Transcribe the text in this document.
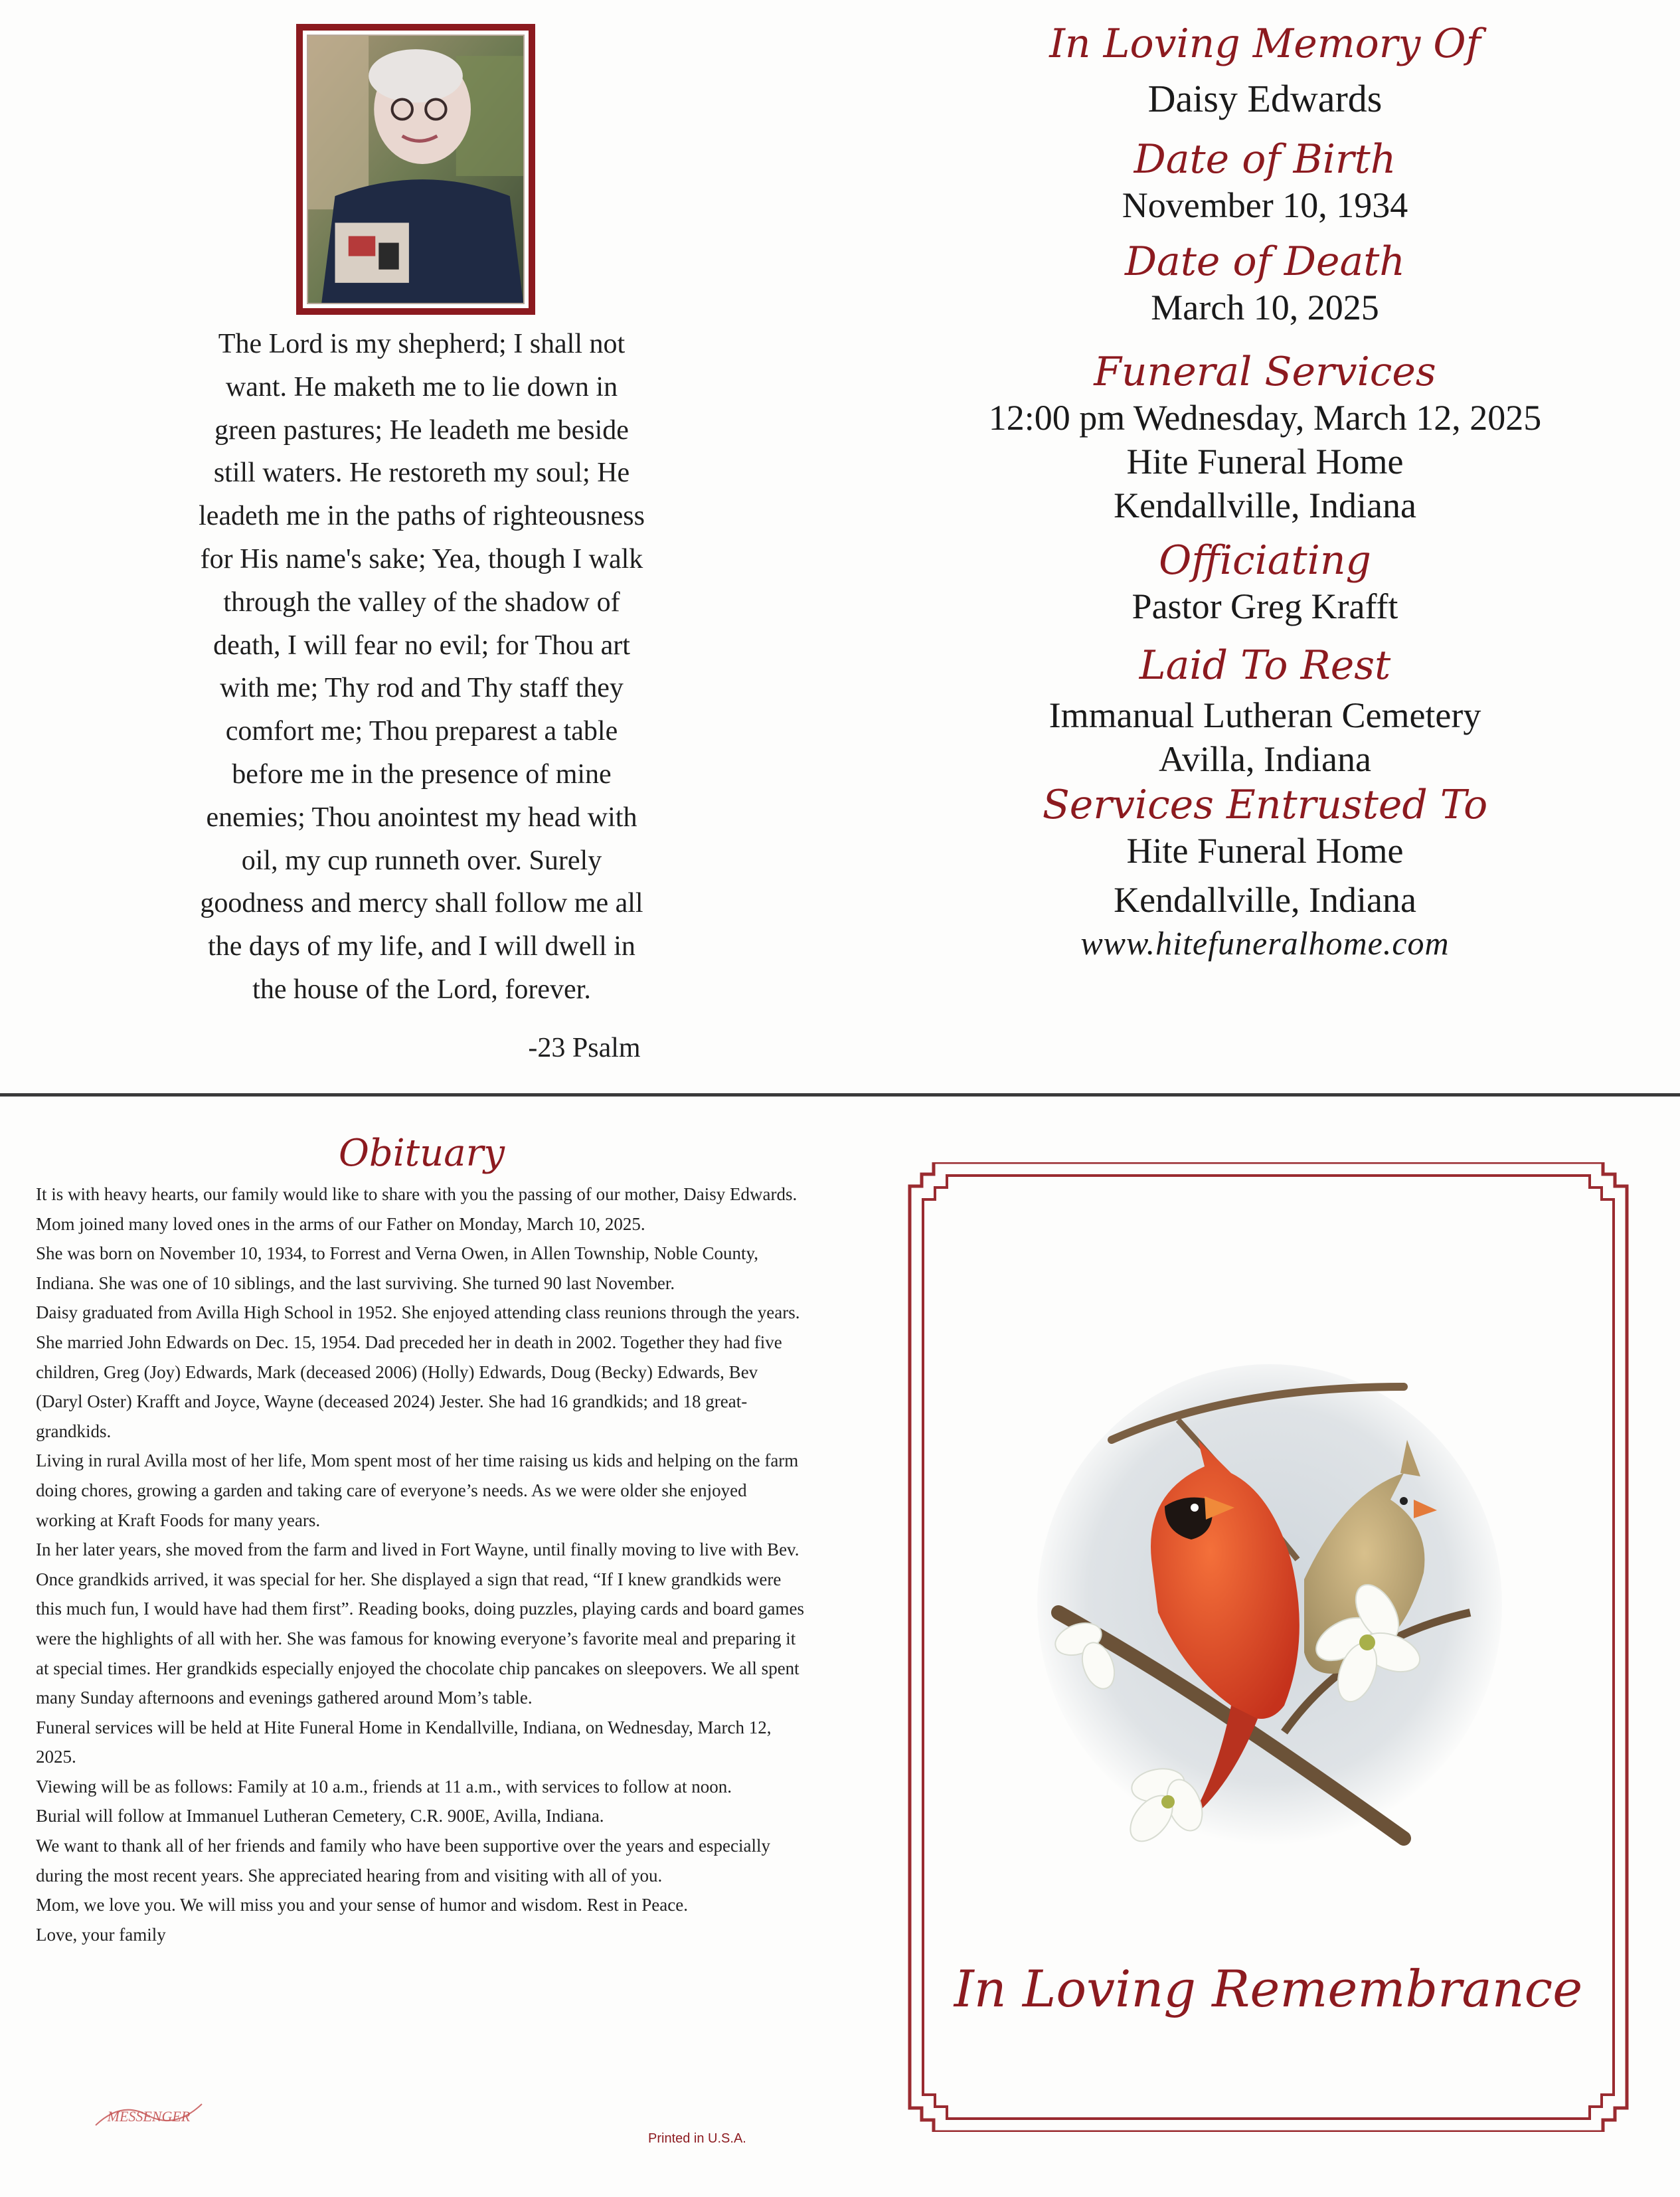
The Lord is my shepherd; I shall not
want. He maketh me to lie down in
green pastures; He leadeth me beside
still waters. He restoreth my soul; He
leadeth me in the paths of righteousness
for His name's sake; Yea, though I walk
through the valley of the shadow of
death, I will fear no evil; for Thou art
with me; Thy rod and Thy staff they
comfort me; Thou preparest a table
before me in the presence of mine
enemies; Thou anointest my head with
oil, my cup runneth over. Surely
goodness and mercy shall follow me all
the days of my life, and I will dwell in
the house of the Lord, forever.
-23 Psalm
In Loving Memory Of
Daisy Edwards
Date of Birth
November 10, 1934
Date of Death
March 10, 2025
Funeral Services
12:00 pm Wednesday, March 12, 2025
Hite Funeral Home
Kendallville, Indiana
Officiating
Pastor Greg Krafft
Laid To Rest
Immanual Lutheran Cemetery
Avilla, Indiana
Services Entrusted To
Hite Funeral Home
Kendallville, Indiana
www.hitefuneralhome.com
Obituary

It is with heavy hearts, our family would like to share with you the passing of our mother, Daisy Edwards. Mom joined many loved ones in the arms of our Father on Monday, March 10, 2025.

She was born on November 10, 1934, to Forrest and Verna Owen, in Allen Township, Noble County, Indiana. She was one of 10 siblings, and the last surviving. She turned 90 last November.

Daisy graduated from Avilla High School in 1952. She enjoyed attending class reunions through the years.

She married John Edwards on Dec. 15, 1954. Dad preceded her in death in 2002. Together they had five children, Greg (Joy) Edwards, Mark (deceased 2006) (Holly) Edwards, Doug (Becky) Edwards, Bev (Daryl Oster) Krafft and Joyce, Wayne (deceased 2024) Jester. She had 16 grandkids; and 18 great-grandkids.

Living in rural Avilla most of her life, Mom spent most of her time raising us kids and helping on the farm doing chores, growing a garden and taking care of everyone’s needs. As we were older she enjoyed working at Kraft Foods for many years.

In her later years, she moved from the farm and lived in Fort Wayne, until finally moving to live with Bev.

Once grandkids arrived, it was special for her. She displayed a sign that read, “If I knew grandkids were this much fun, I would have had them first”. Reading books, doing puzzles, playing cards and board games were the highlights of all with her. She was famous for knowing everyone’s favorite meal and preparing it at special times. Her grandkids especially enjoyed the chocolate chip pancakes on sleepovers. We all spent many Sunday afternoons and evenings gathered around Mom’s table.

Funeral services will be held at Hite Funeral Home in Kendallville, Indiana, on Wednesday, March 12, 2025.

Viewing will be as follows: Family at 10 a.m., friends at 11 a.m., with services to follow at noon.

Burial will follow at Immanuel Lutheran Cemetery, C.R. 900E, Avilla, Indiana.

We want to thank all of her friends and family who have been supportive over the years and especially during the most recent years. She appreciated hearing from and visiting with all of you.

Mom, we love you. We will miss you and your sense of humor and wisdom. Rest in Peace.

Love, your family

MESSENGER
Printed in U.S.A.
In Loving Remembrance
